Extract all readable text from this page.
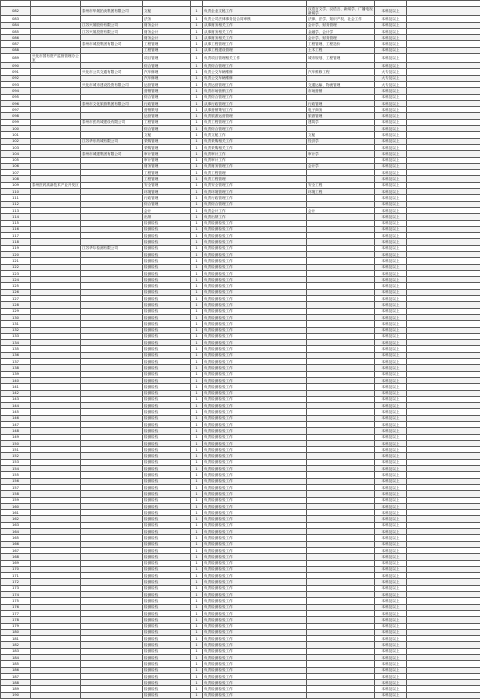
082		泰州市华晟拍卖集团有限公司	文秘	1	负责企业文秘工作	汉语言文学、汉语言、新闻学、广播电视新闻学	本科及以上	
083			法务	1	负责公司法律事务及合同审核	法律、法学、知识产权、社会工作	本科及以上	
084		江苏兴晟股份有限公司	财务会计	1	从事财务相关工作	会计学、财务管理	本科及以上	
085		江苏兴晟投资有限公司	财务会计	1	从事财务相关工作	金融学、会计学	本科及以上	
086			财务会计	1	从事财务相关工作	会计学、财务管理	本科及以上	
087		泰州市城投集团有限公司	工程管理	1	从事工程管理工作	工程管理、工程造价	本科及以上	
088			工程管理	1	从事工程建设管理	土木工程	本科及以上	
089	兴化市国有资产监督管理办公室		项目管理	1	负责项目管理相关工作	城市规划、工程管理	本科及以上	
090			综合管理	1	负责综合管理工作		本科及以上	
091		兴化市公共交通有限公司	汽车修理	1	负责公交车辆维修	汽车维修工程	大专及以上	
092			汽车修理	1	负责公交车辆维修		大专及以上	
093		兴化市城市建设投资有限公司	运营管理	1	负责运营管理工作	交通运输、物流管理	大专及以上	
094			营销管理	1	负责市场营销工作	市场营销	本科及以上	
095			综合管理	1	负责综合管理工作		本科及以上	
096		泰州市文化旅游集团有限公司	行政管理	1	从事行政管理工作	行政管理	本科及以上	
097			营销策划	1	从事营销策划工作	电子商务	本科及以上	
098			运营管理	1	负责旅游运营管理	旅游管理	本科及以上	
099		泰州市医药城建设有限公司	工程管理	1	负责工程管理工作	建筑学	本科及以上	
100			综合管理	1	负责综合管理工作		本科及以上	
101			文秘	1	负责文秘工作	文秘	本科及以上	
102		江苏华东药城有限公司	采购管理	1	负责采购相关工作	经济学	本科及以上	
103			采购管理	1	负责采购相关工作		本科及以上	
104		泰州市城建集团有限公司	审计管理	1	负责审计工作	审计学	本科及以上	
105			审计管理	1	负责审计工作		本科及以上	
106			财务管理	1	负责财务管理工作	会计学	本科及以上	
107			工程管理	1	负责工程管理		本科及以上	
108			工程管理	1	负责工程管理		本科及以上	
109	泰州医药高新技术产业开发区		安全管理	1	负责安全管理工作	安全工程	本科及以上	
110			环境管理	1	负责环境管理工作	环境工程	本科及以上	
111			行政管理	1	负责行政管理工作		本科及以上	
112			综合管理	1	负责综合管理工作		本科及以上	
113			会计	1	负责会计工作	会计	本科及以上	
114			出纳	1	负责出纳工作		本科及以上	
115			检测检验	1	负责检测检验工作		本科及以上	
116			检测检验	1	负责检测检验工作		本科及以上	
117			检测检验	1	负责检测检验工作		本科及以上	
118			检测检验	1	负责检测检验工作		本科及以上	
119		江苏华尔检测有限公司	检测检验	1	负责检测检验工作		本科及以上	
120			检测检验	1	负责检测检验工作		本科及以上	
121			检测检验	1	负责检测检验工作		本科及以上	
122			检测检验	1	负责检测检验工作		本科及以上	
123			检测检验	1	负责检测检验工作		本科及以上	
124			检测检验	1	负责检测检验工作		本科及以上	
125			检测检验	1	负责检测检验工作		本科及以上	
126			检测检验	1	负责检测检验工作		本科及以上	
127			检测检验	1	负责检测检验工作		本科及以上	
128			检测检验	1	负责检测检验工作		本科及以上	
129			检测检验	1	负责检测检验工作		本科及以上	
130			检测检验	1	负责检测检验工作		本科及以上	
131			检测检验	1	负责检测检验工作		本科及以上	
132			检测检验	1	负责检测检验工作		本科及以上	
133			检测检验	1	负责检测检验工作		本科及以上	
134			检测检验	1	负责检测检验工作		本科及以上	
135			检测检验	1	负责检测检验工作		本科及以上	
136			检测检验	1	负责检测检验工作		本科及以上	
137			检测检验	1	负责检测检验工作		本科及以上	
138			检测检验	1	负责检测检验工作		本科及以上	
139			检测检验	1	负责检测检验工作		本科及以上	
140			检测检验	1	负责检测检验工作		本科及以上	
141			检测检验	1	负责检测检验工作		本科及以上	
142			检测检验	1	负责检测检验工作		本科及以上	
143			检测检验	1	负责检测检验工作		本科及以上	
144			检测检验	1	负责检测检验工作		本科及以上	
145			检测检验	1	负责检测检验工作		本科及以上	
146			检测检验	1	负责检测检验工作		本科及以上	
147			检测检验	1	负责检测检验工作		本科及以上	
148			检测检验	1	负责检测检验工作		本科及以上	
149			检测检验	1	负责检测检验工作		本科及以上	
150			检测检验	1	负责检测检验工作		本科及以上	
151			检测检验	1	负责检测检验工作		本科及以上	
152			检测检验	1	负责检测检验工作		本科及以上	
153			检测检验	1	负责检测检验工作		本科及以上	
154			检测检验	1	负责检测检验工作		本科及以上	
155			检测检验	1	负责检测检验工作		本科及以上	
156			检测检验	1	负责检测检验工作		本科及以上	
157			检测检验	1	负责检测检验工作		本科及以上	
158			检测检验	1	负责检测检验工作		本科及以上	
159			检测检验	1	负责检测检验工作		本科及以上	
160			检测检验	1	负责检测检验工作		本科及以上	
161			检测检验	1	负责检测检验工作		本科及以上	
162			检测检验	1	负责检测检验工作		本科及以上	
163			检测检验	1	负责检测检验工作		本科及以上	
164			检测检验	1	负责检测检验工作		本科及以上	
165			检测检验	1	负责检测检验工作		本科及以上	
166			检测检验	1	负责检测检验工作		本科及以上	
167			检测检验	1	负责检测检验工作		本科及以上	
168			检测检验	1	负责检测检验工作		本科及以上	
169			检测检验	1	负责检测检验工作		本科及以上	
170			检测检验	1	负责检测检验工作		本科及以上	
171			检测检验	1	负责检测检验工作		本科及以上	
172			检测检验	1	负责检测检验工作		本科及以上	
173			检测检验	1	负责检测检验工作		本科及以上	
174			检测检验	1	负责检测检验工作		本科及以上	
175			检测检验	1	负责检测检验工作		本科及以上	
176			检测检验	1	负责检测检验工作		本科及以上	
177			检测检验	1	负责检测检验工作		本科及以上	
178			检测检验	1	负责检测检验工作		本科及以上	
179			检测检验	1	负责检测检验工作		本科及以上	
180			检测检验	1	负责检测检验工作		本科及以上	
181			检测检验	1	负责检测检验工作		本科及以上	
182			检测检验	1	负责检测检验工作		本科及以上	
183			检测检验	1	负责检测检验工作		本科及以上	
184			检测检验	1	负责检测检验工作		本科及以上	
185			检测检验	1	负责检测检验工作		本科及以上	
186			检测检验	1	负责检测检验工作		本科及以上	
187			检测检验	1	负责检测检验工作		本科及以上	
188			检测检验	1	负责检测检验工作		本科及以上	
189			检测检验	1	负责检测检验工作		本科及以上	
190			检测检验	1	负责检测检验工作		本科及以上	
